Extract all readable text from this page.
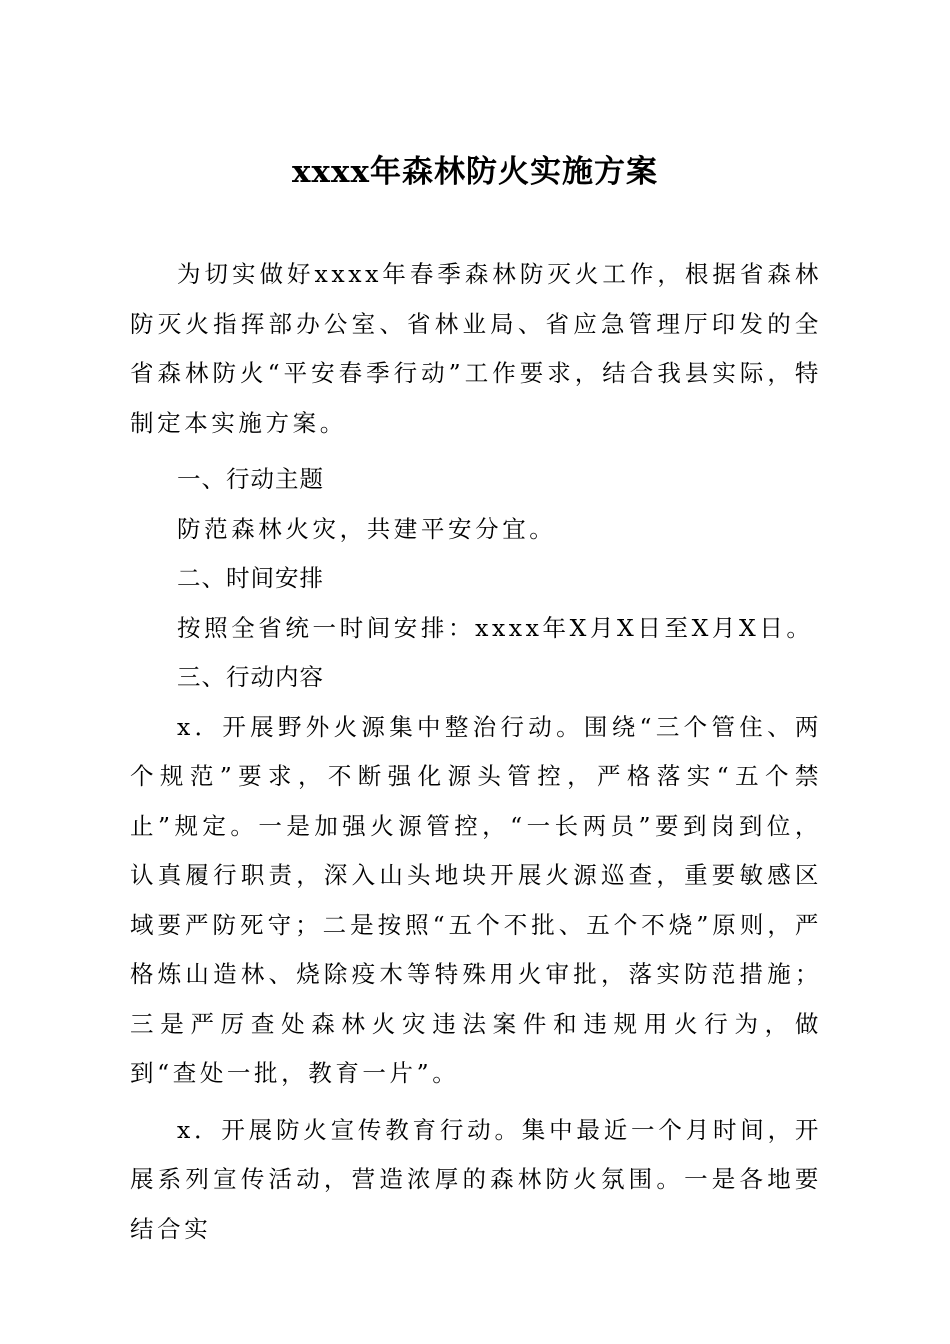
xxxx年森林防火实施方案

为切实做好xxxx年春季森林防灭火工作，根据省森林防灭火指挥部办公室、省林业局、省应急管理厅印发的全省森林防火“平安春季行动”工作要求，结合我县实际，特制定本实施方案。

一、行动主题

防范森林火灾，共建平安分宜。

二、时间安排

按照全省统一时间安排：xxxx年X月X日至X月X日。

三、行动内容

x．开展野外火源集中整治行动。围绕“三个管住、两个规范”要求，不断强化源头管控，严格落实“五个禁止”规定。一是加强火源管控，“一长两员”要到岗到位，认真履行职责，深入山头地块开展火源巡查，重要敏感区域要严防死守；二是按照“五个不批、五个不烧”原则，严格炼山造林、烧除疫木等特殊用火审批，落实防范措施；三是严厉查处森林火灾违法案件和违规用火行为，做到“查处一批，教育一片”。

x．开展防火宣传教育行动。集中最近一个月时间，开展系列宣传活动，营造浓厚的森林防火氛围。一是各地要结合实
